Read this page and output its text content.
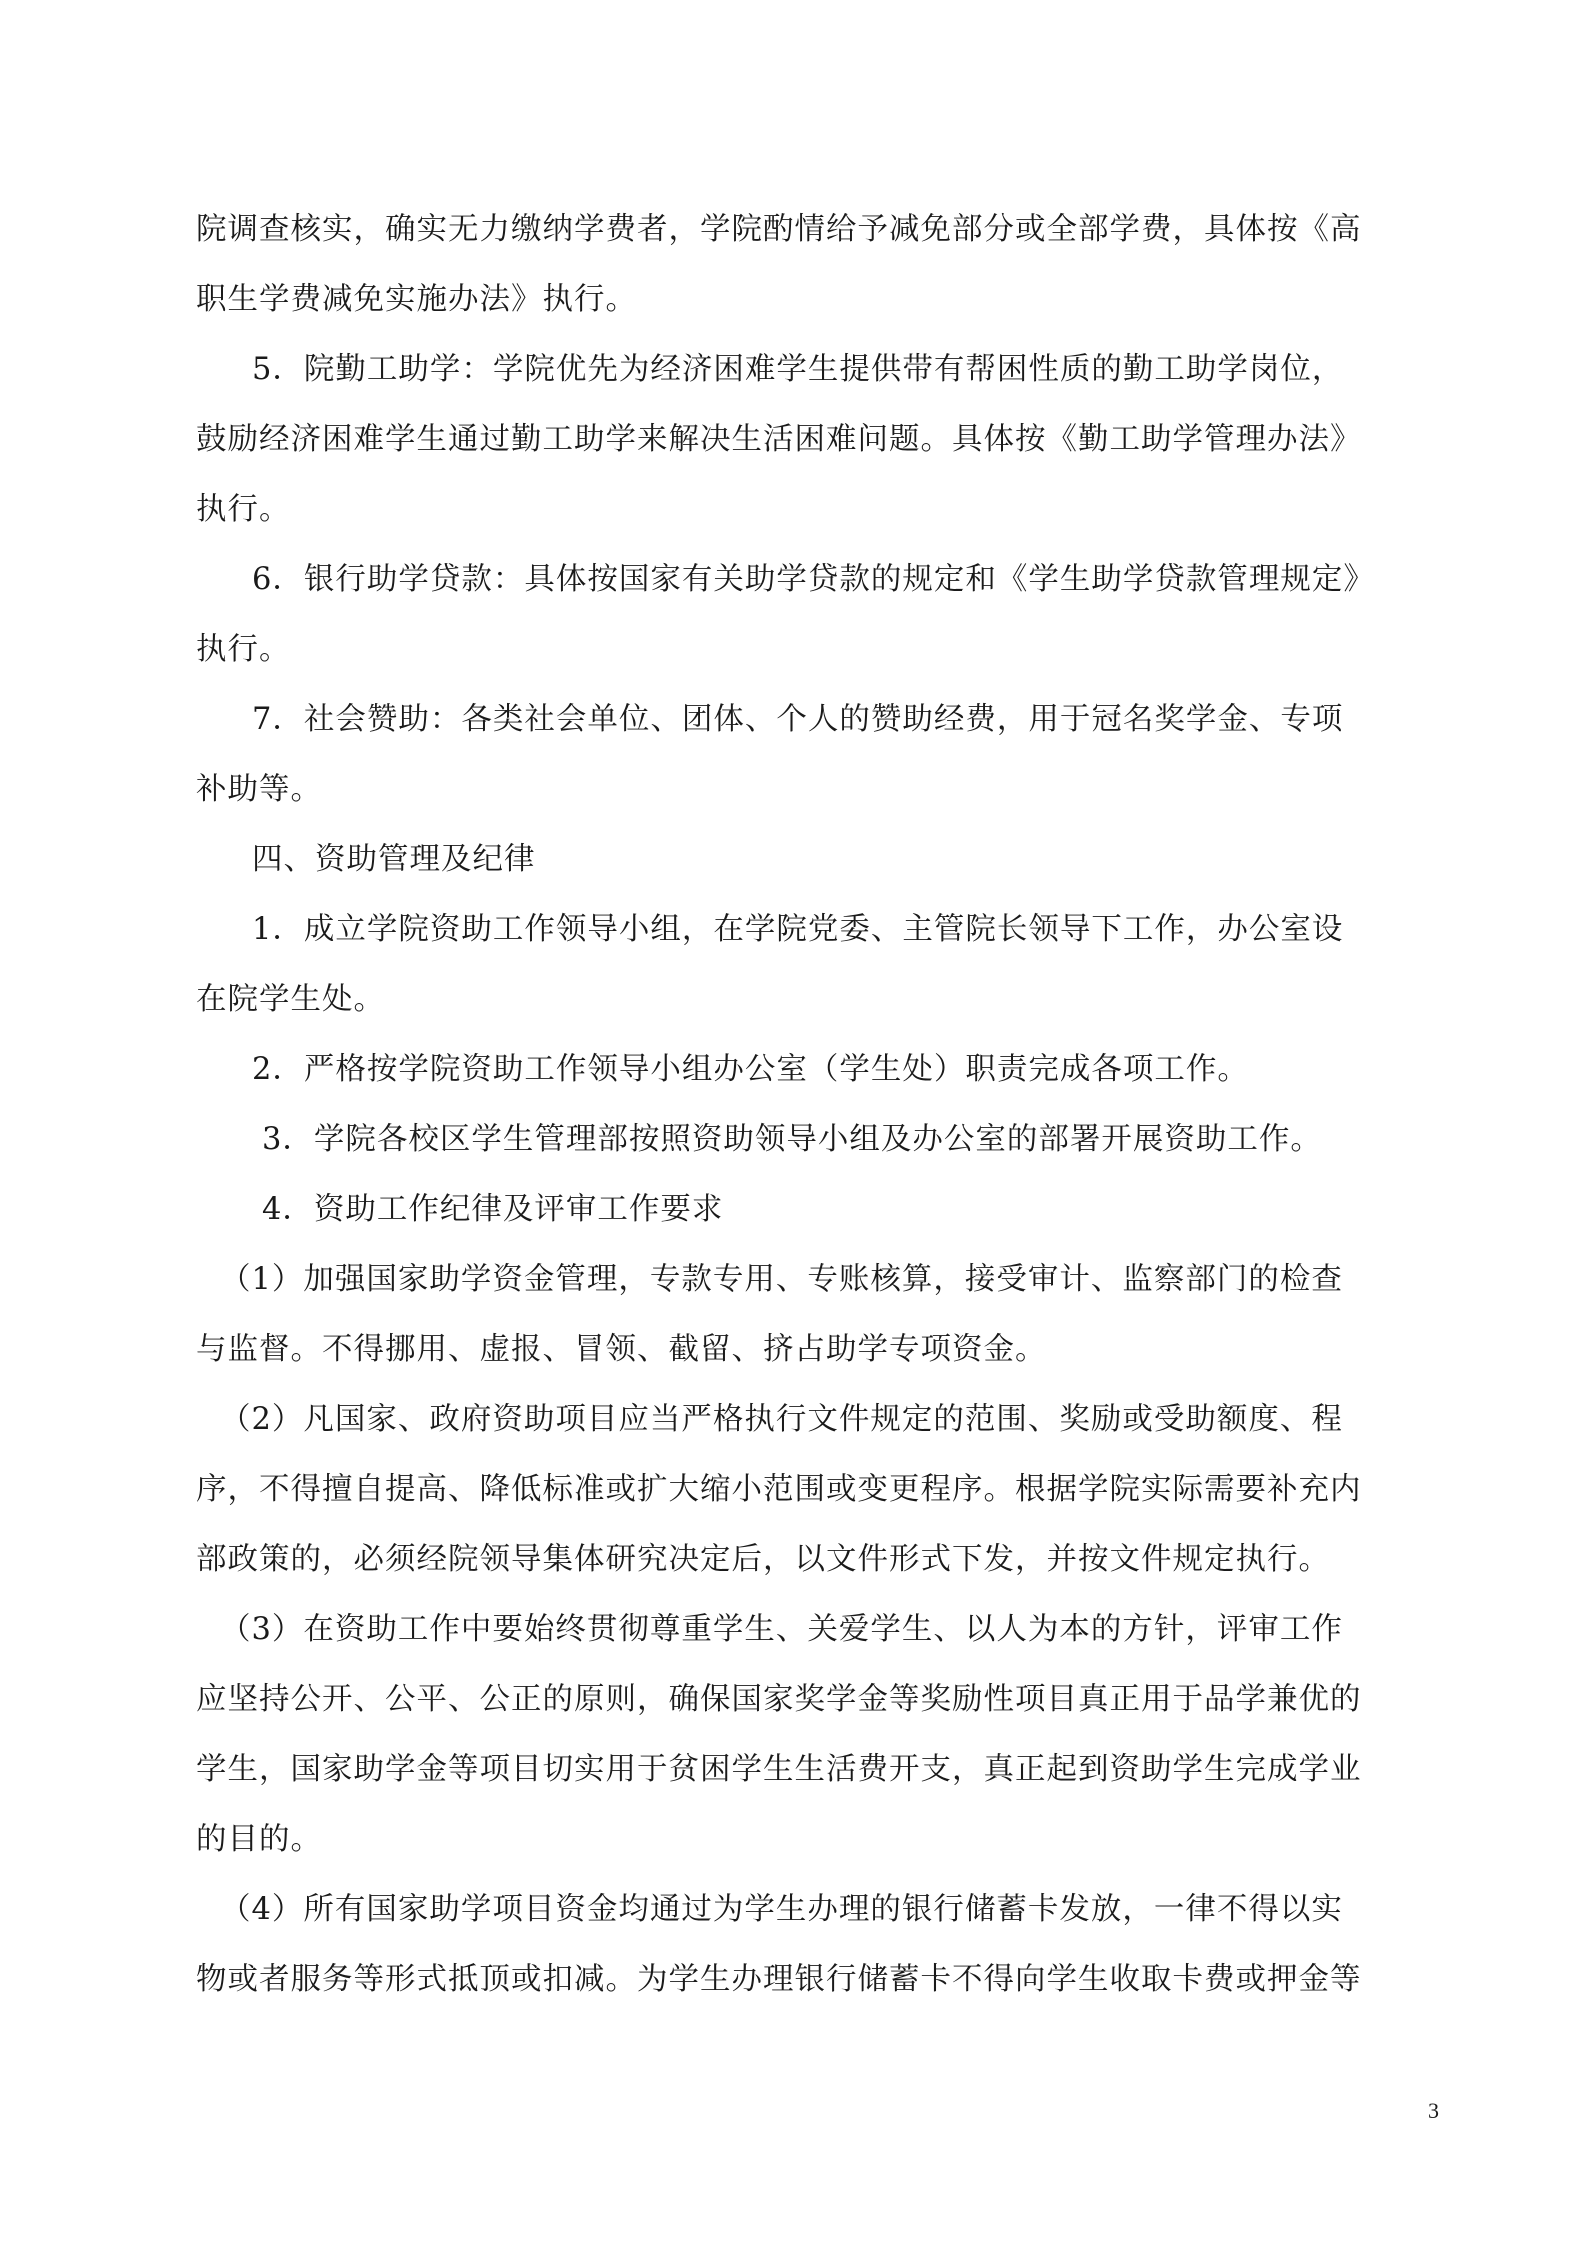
院调查核实，确实无力缴纳学费者，学院酌情给予减免部分或全部学费，具体按《高
职生学费减免实施办法》执行。
5．院勤工助学：学院优先为经济困难学生提供带有帮困性质的勤工助学岗位，
鼓励经济困难学生通过勤工助学来解决生活困难问题。具体按《勤工助学管理办法》
执行。
6．银行助学贷款：具体按国家有关助学贷款的规定和《学生助学贷款管理规定》
执行。
7．社会赞助：各类社会单位、团体、个人的赞助经费，用于冠名奖学金、专项
补助等。
四、资助管理及纪律
1．成立学院资助工作领导小组，在学院党委、主管院长领导下工作，办公室设
在院学生处。
2．严格按学院资助工作领导小组办公室（学生处）职责完成各项工作。
3．学院各校区学生管理部按照资助领导小组及办公室的部署开展资助工作。
4．资助工作纪律及评审工作要求
（1）加强国家助学资金管理，专款专用、专账核算，接受审计、监察部门的检查
与监督。不得挪用、虚报、冒领、截留、挤占助学专项资金。
（2）凡国家、政府资助项目应当严格执行文件规定的范围、奖励或受助额度、程
序，不得擅自提高、降低标准或扩大缩小范围或变更程序。根据学院实际需要补充内
部政策的，必须经院领导集体研究决定后，以文件形式下发，并按文件规定执行。
（3）在资助工作中要始终贯彻尊重学生、关爱学生、以人为本的方针，评审工作
应坚持公开、公平、公正的原则，确保国家奖学金等奖励性项目真正用于品学兼优的
学生，国家助学金等项目切实用于贫困学生生活费开支，真正起到资助学生完成学业
的目的。
（4）所有国家助学项目资金均通过为学生办理的银行储蓄卡发放，一律不得以实
物或者服务等形式抵顶或扣减。为学生办理银行储蓄卡不得向学生收取卡费或押金等
3
